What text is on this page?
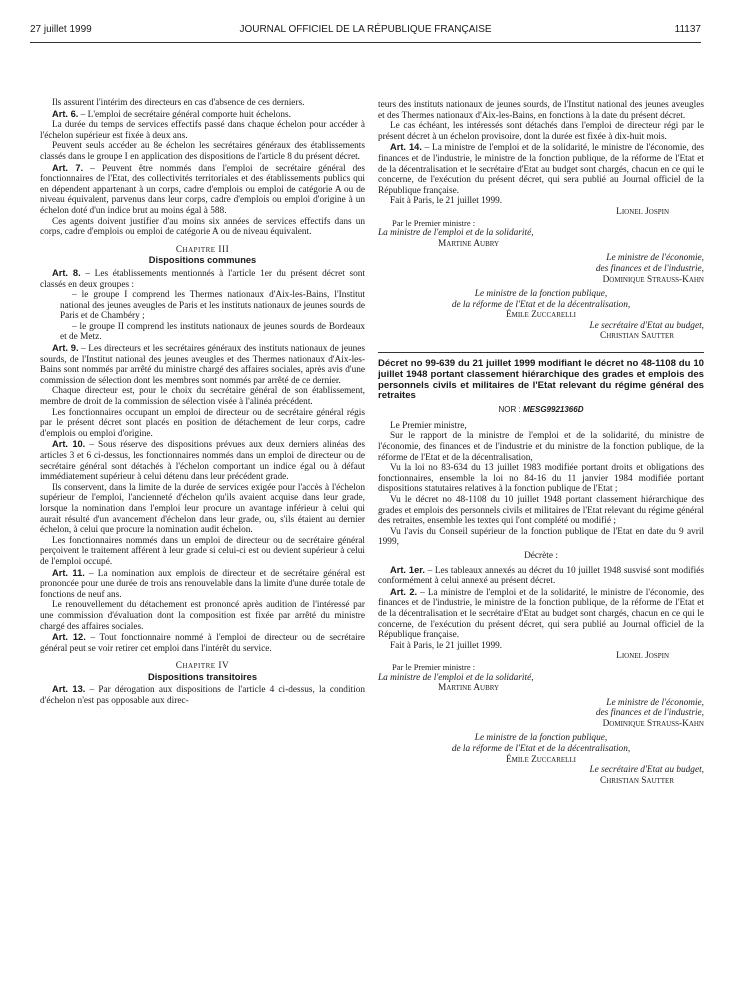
27 juillet 1999	JOURNAL OFFICIEL DE LA RÉPUBLIQUE FRANÇAISE	11137

Ils assurent l'intérim des directeurs en cas d'absence de ces derniers.

Art. 6. – L'emploi de secrétaire général comporte huit échelons.

La durée du temps de services effectifs passé dans chaque échelon pour accéder à l'échelon supérieur est fixée à deux ans.

Peuvent seuls accéder au 8e échelon les secrétaires généraux des établissements classés dans le groupe I en application des dispositions de l'article 8 du présent décret.

Art. 7. – Peuvent être nommés dans l'emploi de secrétaire général des fonctionnaires de l'Etat, des collectivités territoriales et des établissements publics qui en dépendent appartenant à un corps, cadre d'emplois ou emploi de catégorie A ou de niveau équivalent, parvenus dans leur corps, cadre d'emplois ou emploi d'origine à un échelon doté d'un indice brut au moins égal à 588.

Ces agents doivent justifier d'au moins six années de services effectifs dans un corps, cadre d'emplois ou emploi de catégorie A ou de niveau équivalent.

Chapitre III
Dispositions communes

Art. 8. – Les établissements mentionnés à l'article 1er du présent décret sont classés en deux groupes :

– le groupe I comprend les Thermes nationaux d'Aix-les-Bains, l'Institut national des jeunes aveugles de Paris et les instituts nationaux de jeunes sourds de Paris et de Chambéry ;

– le groupe II comprend les instituts nationaux de jeunes sourds de Bordeaux et de Metz.

Art. 9. – Les directeurs et les secrétaires généraux des instituts nationaux de jeunes sourds, de l'Institut national des jeunes aveugles et des Thermes nationaux d'Aix-les-Bains sont nommés par arrêté du ministre chargé des affaires sociales, après avis d'une commission de sélection dont les membres sont nommés par arrêté de ce dernier.

Chaque directeur est, pour le choix du secrétaire général de son établissement, membre de droit de la commission de sélection visée à l'alinéa précédent.

Les fonctionnaires occupant un emploi de directeur ou de secrétaire général régis par le présent décret sont placés en position de détachement de leur corps, cadre d'emplois ou emploi d'origine.

Art. 10. – Sous réserve des dispositions prévues aux deux derniers alinéas des articles 3 et 6 ci-dessus, les fonctionnaires nommés dans un emploi de directeur ou de secrétaire général sont détachés à l'échelon comportant un indice égal ou à défaut immédiatement supérieur à celui détenu dans leur précédent grade.

Ils conservent, dans la limite de la durée de services exigée pour l'accès à l'échelon supérieur de l'emploi, l'ancienneté d'échelon qu'ils avaient acquise dans leur grade, lorsque la nomination dans l'emploi leur procure un avantage inférieur à celui qui aurait résulté d'un avancement d'échelon dans leur grade, ou, s'ils étaient au dernier échelon, à celui que procure la nomination audit échelon.

Les fonctionnaires nommés dans un emploi de directeur ou de secrétaire général perçoivent le traitement afférent à leur grade si celui-ci est ou devient supérieur à celui de l'emploi occupé.

Art. 11. – La nomination aux emplois de directeur et de secrétaire général est prononcée pour une durée de trois ans renouvelable dans la limite d'une durée totale de fonctions de neuf ans.

Le renouvellement du détachement est prononcé après audition de l'intéressé par une commission d'évaluation dont la composition est fixée par arrêté du ministre chargé des affaires sociales.

Art. 12. – Tout fonctionnaire nommé à l'emploi de directeur ou de secrétaire général peut se voir retirer cet emploi dans l'intérêt du service.

Chapitre IV
Dispositions transitoires

Art. 13. – Par dérogation aux dispositions de l'article 4 ci-dessus, la condition d'échelon n'est pas opposable aux direc-

teurs des instituts nationaux de jeunes sourds, de l'Institut national des jeunes aveugles et des Thermes nationaux d'Aix-les-Bains, en fonctions à la date du présent décret.

Le cas échéant, les intéressés sont détachés dans l'emploi de directeur régi par le présent décret à un échelon provisoire, dont la durée est fixée à dix-huit mois.

Art. 14. – La ministre de l'emploi et de la solidarité, le ministre de l'économie, des finances et de l'industrie, le ministre de la fonction publique, de la réforme de l'Etat et de la décentralisation et le secrétaire d'Etat au budget sont chargés, chacun en ce qui le concerne, de l'exécution du présent décret, qui sera publié au Journal officiel de la République française.

Fait à Paris, le 21 juillet 1999.

Lionel Jospin
Par le Premier ministre :
La ministre de l'emploi et de la solidarité,
Martine Aubry
Le ministre de l'économie,
des finances et de l'industrie,
Dominique Strauss-Kahn
Le ministre de la fonction publique,
de la réforme de l'Etat et de la décentralisation,
Émile Zuccarelli
Le secrétaire d'Etat au budget,
Christian Sautter
Décret no 99-639 du 21 juillet 1999 modifiant le décret no 48-1108 du 10 juillet 1948 portant classement hiérarchique des grades et emplois des personnels civils et militaires de l'Etat relevant du régime général des retraites
NOR : MESG9921366D

Le Premier ministre,

Sur le rapport de la ministre de l'emploi et de la solidarité, du ministre de l'économie, des finances et de l'industrie et du ministre de la fonction publique, de la réforme de l'Etat et de la décentralisation,

Vu la loi no 83-634 du 13 juillet 1983 modifiée portant droits et obligations des fonctionnaires, ensemble la loi no 84-16 du 11 janvier 1984 modifiée portant dispositions statutaires relatives à la fonction publique de l'Etat ;

Vu le décret no 48-1108 du 10 juillet 1948 portant classement hiérarchique des grades et emplois des personnels civils et militaires de l'Etat relevant du régime général des retraites, ensemble les textes qui l'ont complété ou modifié ;

Vu l'avis du Conseil supérieur de la fonction publique de l'Etat en date du 9 avril 1999,

Décrète :

Art. 1er. – Les tableaux annexés au décret du 10 juillet 1948 susvisé sont modifiés conformément à celui annexé au présent décret.

Art. 2. – La ministre de l'emploi et de la solidarité, le ministre de l'économie, des finances et de l'industrie, le ministre de la fonction publique, de la réforme de l'Etat et de la décentralisation et le secrétaire d'Etat au budget sont chargés, chacun en ce qui le concerne, de l'exécution du présent décret, qui sera publié au Journal officiel de la République française.

Fait à Paris, le 21 juillet 1999.

Lionel Jospin
Par le Premier ministre :
La ministre de l'emploi et de la solidarité,
Martine Aubry
Le ministre de l'économie,
des finances et de l'industrie,
Dominique Strauss-Kahn
Le ministre de la fonction publique,
de la réforme de l'Etat et de la décentralisation,
Émile Zuccarelli
Le secrétaire d'Etat au budget,
Christian Sautter
